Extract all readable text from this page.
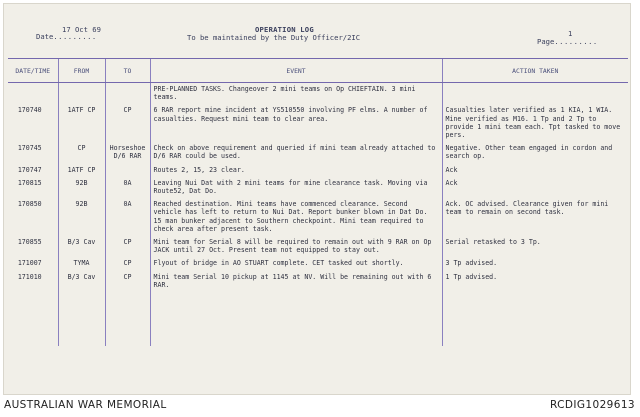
Date.........
17 Oct 69	OPERATION LOG
To be maintained by the Duty Officer/2IC	Page.........
1
DATE/TIME	FROM	TO	EVENT	ACTION TAKEN
			PRE-PLANNED TASKS. Changeover 2 mini teams on Op CHIEFTAIN. 3 mini teams.	
170740	1ATF CP	CP	6 RAR report mine incident at YS510550 involving PF elms. A number of casualties. Request mini team to clear area.	Casualties later verified as 1 KIA, 1 WIA. Mine verified as M16. 1 Tp and 2 Tp to provide 1 mini team each. Tpt tasked to move pers.
170745	CP	Horseshoe D/6 RAR	Check on above requirement and queried if mini team already attached to D/6 RAR could be used.	Negative. Other team engaged in cordon and search op.
170747	1ATF CP		Routes 2, 15, 23 clear.	Ack
170815	92B	0A	Leaving Nui Dat with 2 mini teams for mine clearance task. Moving via Route52, Dat Do.	Ack
170850	92B	0A	Reached destination. Mini teams have commenced clearance. Second vehicle has left to return to Nui Dat. Report bunker blown in Dat Do. 15 man bunker adjacent to Southern checkpoint. Mini team required to check area after present task.	Ack. OC advised. Clearance given for mini team to remain on second task.
170855	B/3 Cav	CP	Mini team for Serial 8 will be required to remain out with 9 RAR on Op JACK until 27 Oct. Present team not equipped to stay out.	Serial retasked to 3 Tp.
171007	TYMA	CP	Flyout of bridge in AO STUART complete. CET tasked out shortly.	3 Tp advised.
171010	B/3 Cav	CP	Mini team Serial 10 pickup at 1145 at NV. Will be remaining out with 6 RAR.	1 Tp advised.
AUSTRALIAN WAR MEMORIAL	RCDIG1029613
